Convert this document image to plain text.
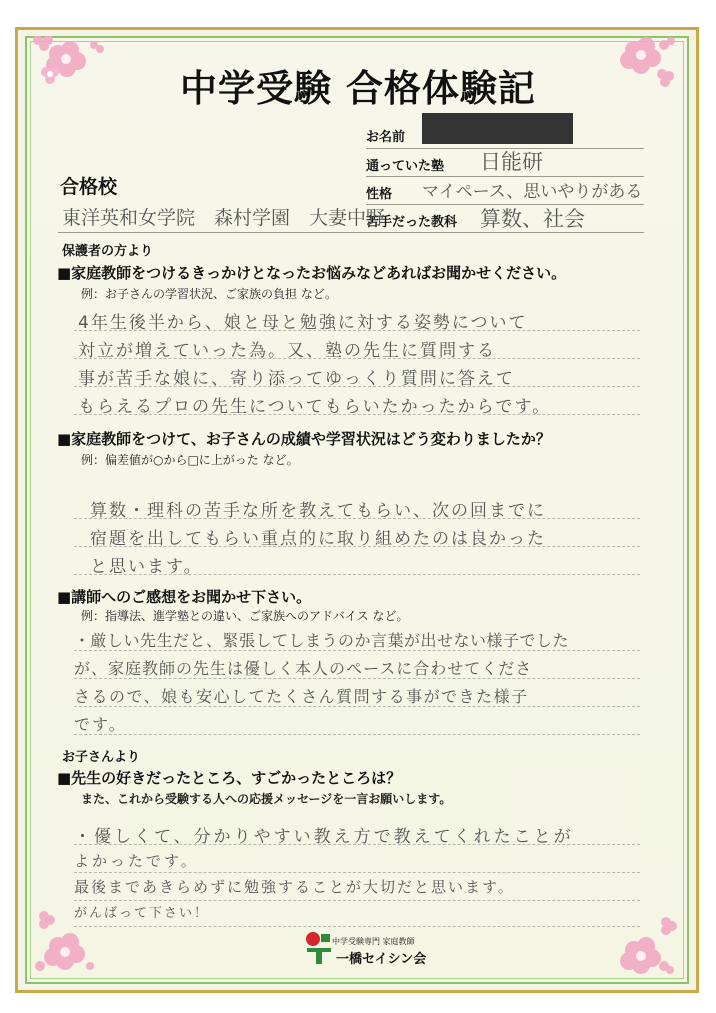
中学受験 合格体験記
お名前
通っていた塾 日能研
性格 マイペース、思いやりがある
苦手だった教科 算数、社会
合格校
東洋英和女学院　森村学園　大妻中野
保護者の方より
■家庭教師をつけるきっかけとなったお悩みなどあればお聞かせください。
例：お子さんの学習状況、ご家族の負担 など。
4年生後半から、娘と母と勉強に対する姿勢について
対立が増えていった為。又、塾の先生に質問する
事が苦手な娘に、寄り添ってゆっくり質問に答えて
もらえるプロの先生についてもらいたかったからです。
■家庭教師をつけて、お子さんの成績や学習状況はどう変わりましたか？
例：偏差値が○から□に上がった など。
算数・理科の苦手な所を教えてもらい、次の回までに
宿題を出してもらい重点的に取り組めたのは良かった
と思います。
■講師へのご感想をお聞かせ下さい。
例：指導法、進学塾との違い、ご家族へのアドバイス など。
・厳しい先生だと、緊張してしまうのか言葉が出せない様子でした
が、家庭教師の先生は優しく本人のペースに合わせてくださ
さるので、娘も安心してたくさん質問する事ができた様子
です。
お子さんより
■先生の好きだったところ、すごかったところは？
また、これから受験する人への応援メッセージを一言お願いします。
・優しくて、分かりやすい教え方で教えてくれたことが
よかったです。
最後まであきらめずに勉強することが大切だと思います。
がんばって下さい！
中学受験専門 家庭教師
一橋セイシン会
